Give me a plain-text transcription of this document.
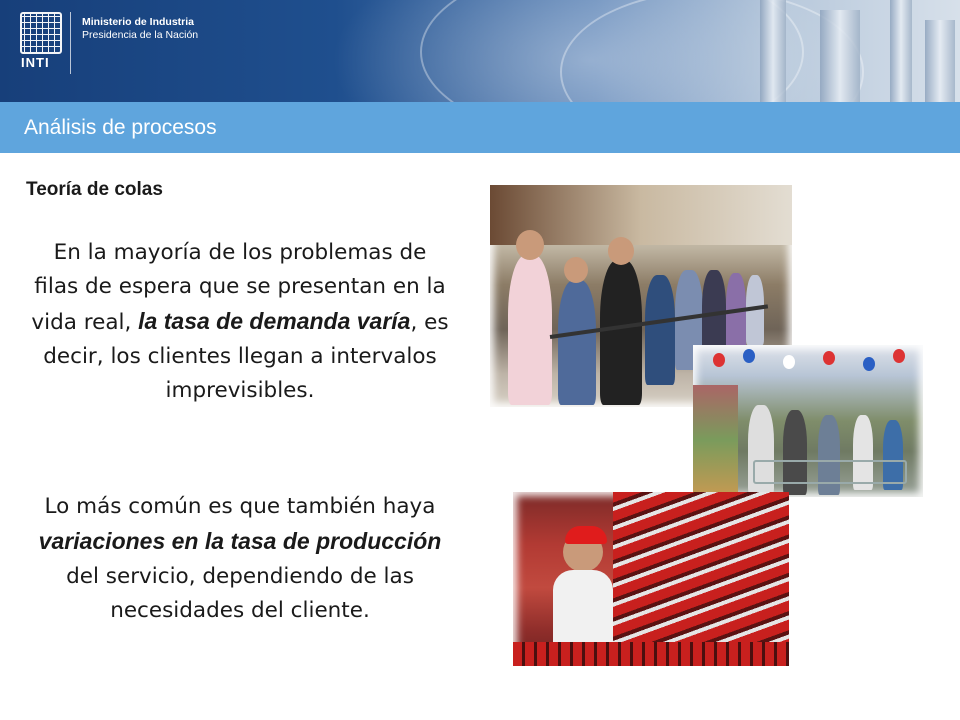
INTI
Ministerio de Industria
Presidencia de la Nación
Análisis de procesos
Teoría de colas
En la mayoría de los problemas de filas de espera que se presentan en la vida real, la tasa de demanda varía, es decir, los clientes llegan a intervalos imprevisibles.
Lo más común es que también haya variaciones en la tasa de producción del servicio, dependiendo de las necesidades del cliente.
